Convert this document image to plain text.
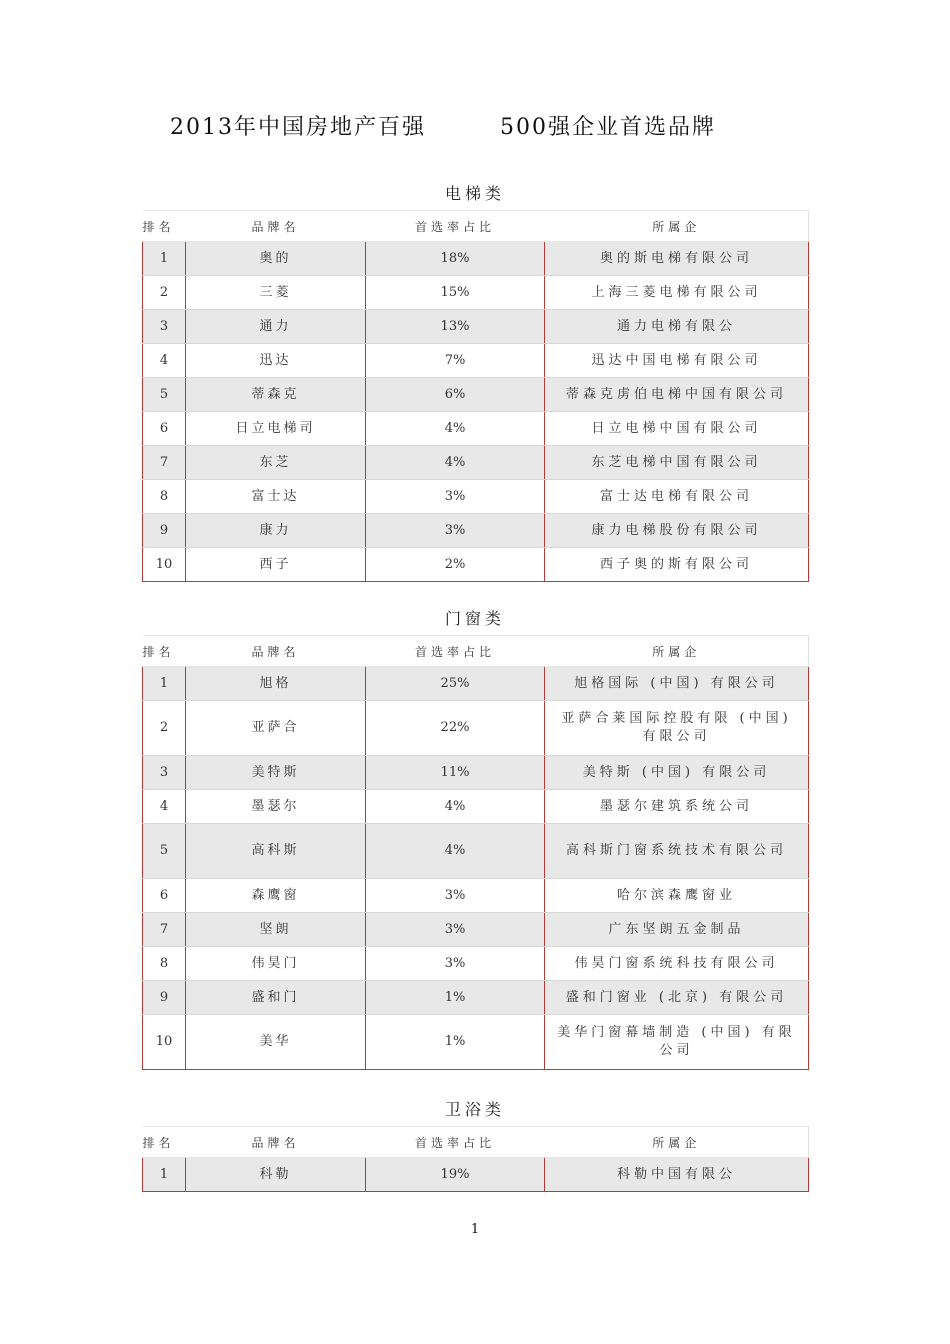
2013年中国房地产百强	500强企业首选品牌
电梯类
排名	品牌名	首选率占比	所属企
1	奥的	18%	奥的斯电梯有限公司
2	三菱	15%	上海三菱电梯有限公司
3	通力	13%	通力电梯有限公
4	迅达	7%	迅达中国电梯有限公司
5	蒂森克	6%	蒂森克虏伯电梯中国有限公司
6	日立电梯司	4%	日立电梯中国有限公司
7	东芝	4%	东芝电梯中国有限公司
8	富士达	3%	富士达电梯有限公司
9	康力	3%	康力电梯股份有限公司
10	西子	2%	西子奥的斯有限公司
门窗类
排名	品牌名	首选率占比	所属企
1	旭格	25%	旭格国际 (中国) 有限公司
2	亚萨合	22%	亚萨合莱国际控股有限 (中国) 有限公司
3	美特斯	11%	美特斯 (中国) 有限公司
4	墨瑟尔	4%	墨瑟尔建筑系统公司
5	高科斯	4%	高科斯门窗系统技术有限公司
6	森鹰窗	3%	哈尔滨森鹰窗业
7	坚朗	3%	广东坚朗五金制品
8	伟昊门	3%	伟昊门窗系统科技有限公司
9	盛和门	1%	盛和门窗业 (北京) 有限公司
10	美华	1%	美华门窗幕墙制造 (中国) 有限公司
卫浴类
排名	品牌名	首选率占比	所属企
1	科勒	19%	科勒中国有限公
1
